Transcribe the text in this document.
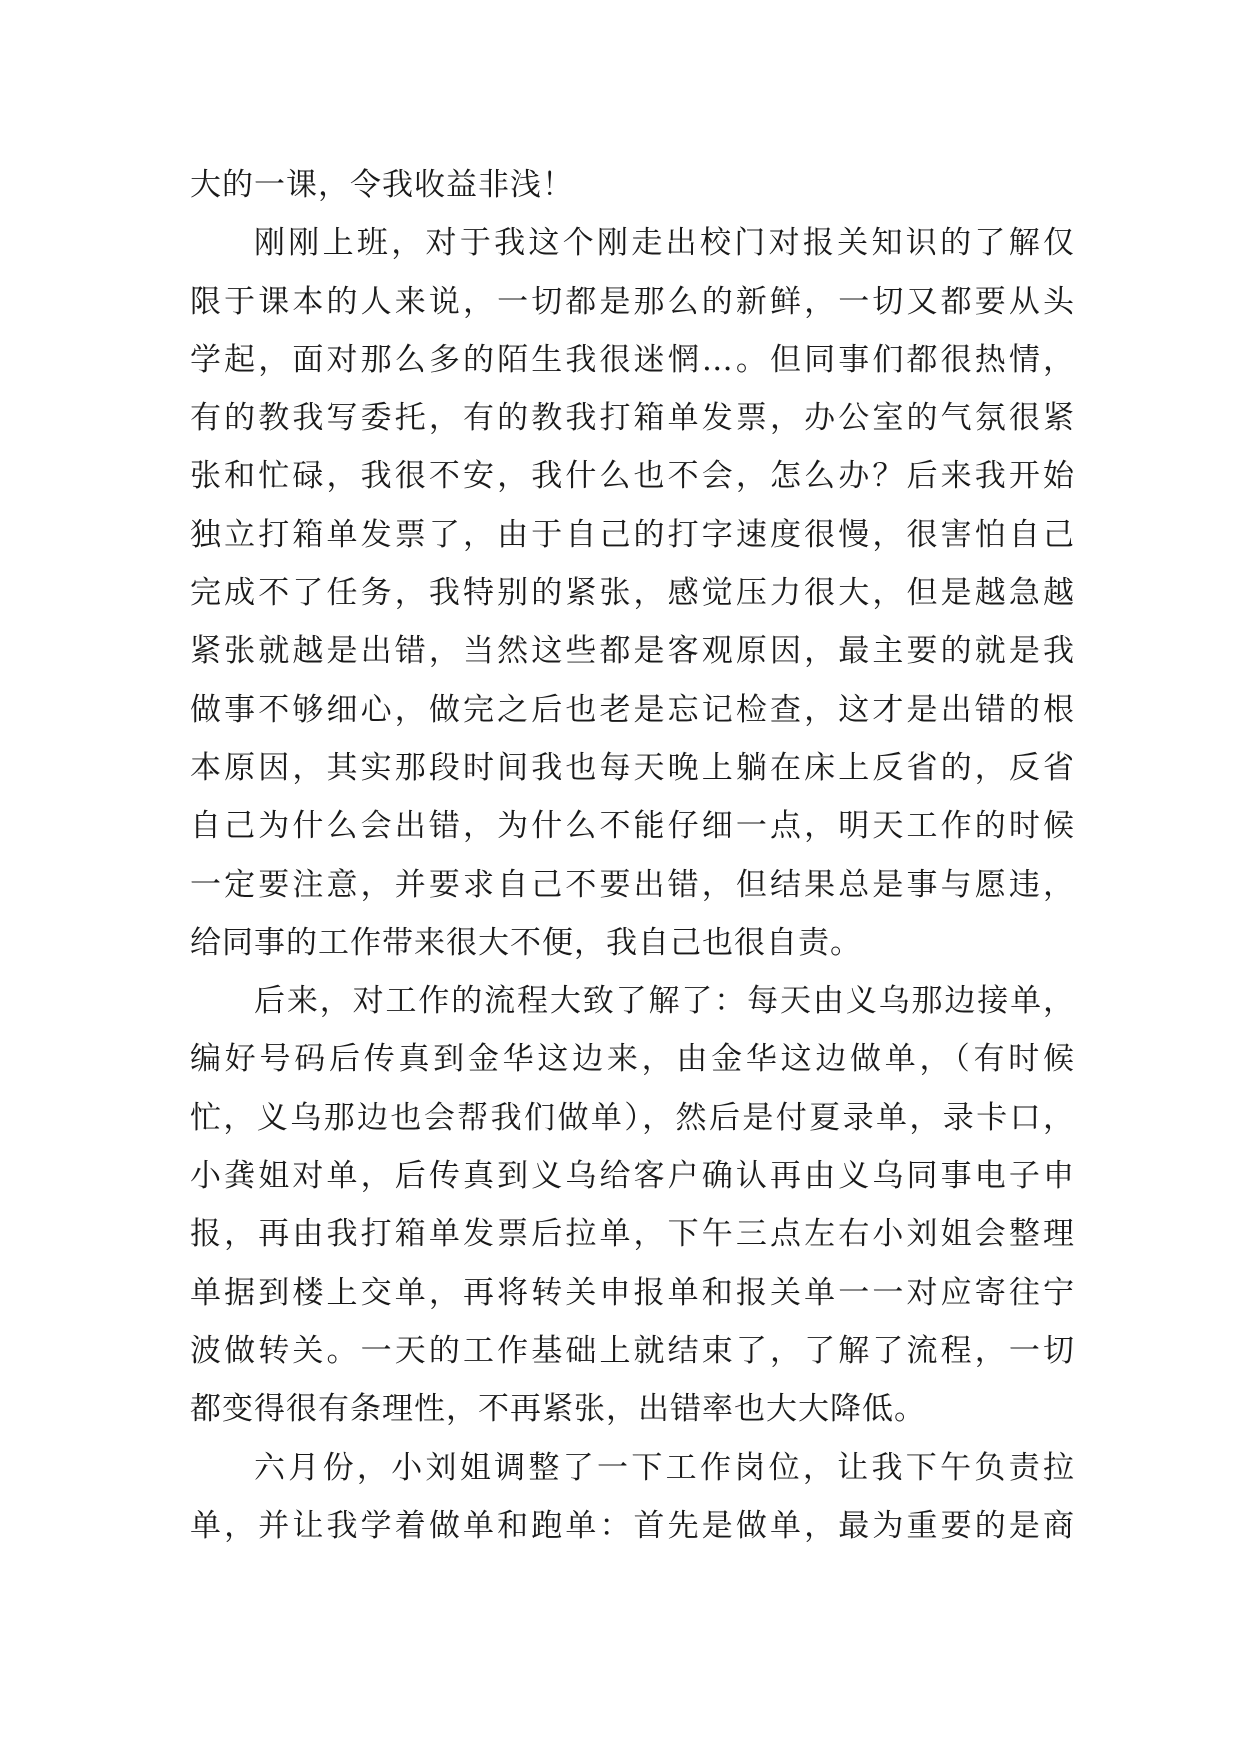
大的一课，令我收益非浅！
刚刚上班，对于我这个刚走出校门对报关知识的了解仅
限于课本的人来说，一切都是那么的新鲜，一切又都要从头
学起，面对那么多的陌生我很迷惘…。但同事们都很热情，
有的教我写委托，有的教我打箱单发票，办公室的气氛很紧
张和忙碌，我很不安，我什么也不会，怎么办？后来我开始
独立打箱单发票了，由于自己的打字速度很慢，很害怕自己
完成不了任务，我特别的紧张，感觉压力很大，但是越急越
紧张就越是出错，当然这些都是客观原因，最主要的就是我
做事不够细心，做完之后也老是忘记检查，这才是出错的根
本原因，其实那段时间我也每天晚上躺在床上反省的，反省
自己为什么会出错，为什么不能仔细一点，明天工作的时候
一定要注意，并要求自己不要出错，但结果总是事与愿违，
给同事的工作带来很大不便，我自己也很自责。
后来，对工作的流程大致了解了：每天由义乌那边接单，
编好号码后传真到金华这边来，由金华这边做单，（有时候
忙，义乌那边也会帮我们做单），然后是付夏录单，录卡口，
小龚姐对单，后传真到义乌给客户确认再由义乌同事电子申
报，再由我打箱单发票后拉单，下午三点左右小刘姐会整理
单据到楼上交单，再将转关申报单和报关单一一对应寄往宁
波做转关。一天的工作基础上就结束了，了解了流程，一切
都变得很有条理性，不再紧张，出错率也大大降低。
六月份，小刘姐调整了一下工作岗位，让我下午负责拉
单，并让我学着做单和跑单：首先是做单，最为重要的是商
